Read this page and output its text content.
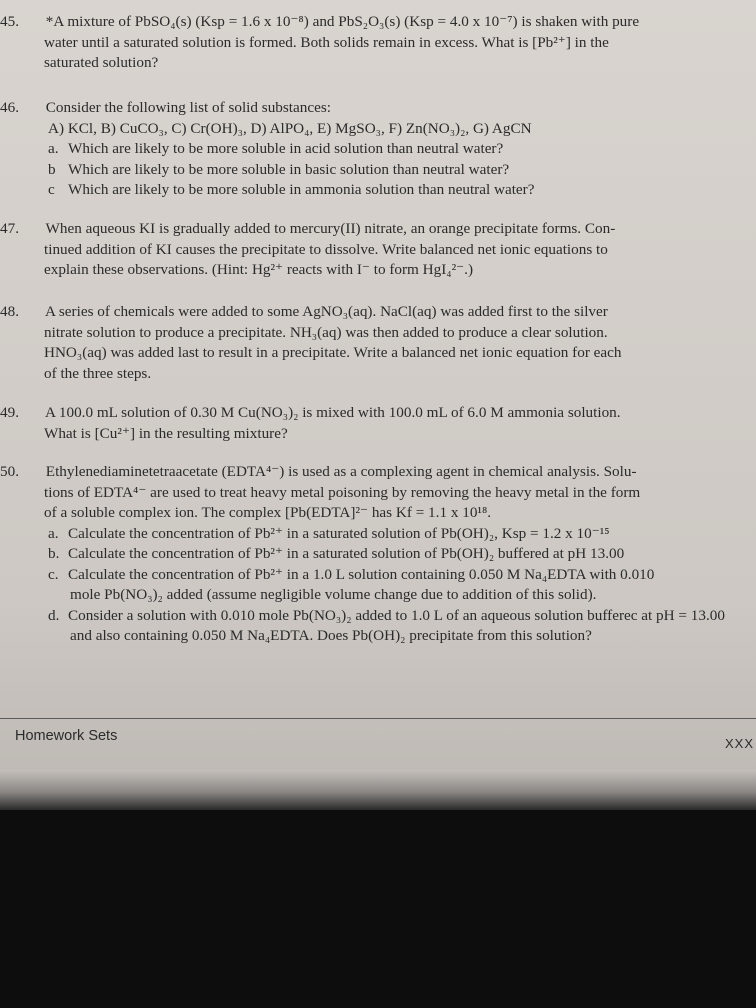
45. *A mixture of PbSO₄(s) (Ksp = 1.6 x 10⁻⁸) and PbS₂O₃(s) (Ksp = 4.0 x 10⁻⁷) is shaken with pure
water until a saturated solution is formed. Both solids remain in excess. What is [Pb²⁺] in the
saturated solution?
46. Consider the following list of solid substances:
A) KCl, B) CuCO₃, C) Cr(OH)₃, D) AlPO₄, E) MgSO₃, F) Zn(NO₃)₂, G) AgCN
a. Which are likely to be more soluble in acid solution than neutral water?
b Which are likely to be more soluble in basic solution than neutral water?
c Which are likely to be more soluble in ammonia solution than neutral water?
47. When aqueous KI is gradually added to mercury(II) nitrate, an orange precipitate forms. Con-
tinued addition of KI causes the precipitate to dissolve. Write balanced net ionic equations to
explain these observations. (Hint: Hg²⁺ reacts with I⁻ to form HgI₄²⁻.)
48. A series of chemicals were added to some AgNO₃(aq). NaCl(aq) was added first to the silver
nitrate solution to produce a precipitate. NH₃(aq) was then added to produce a clear solution.
HNO₃(aq) was added last to result in a precipitate. Write a balanced net ionic equation for each
of the three steps.
49. A 100.0 mL solution of 0.30 M Cu(NO₃)₂ is mixed with 100.0 mL of 6.0 M ammonia solution.
What is [Cu²⁺] in the resulting mixture?
50. Ethylenediaminetetraacetate (EDTA⁴⁻) is used as a complexing agent in chemical analysis. Solu-
tions of EDTA⁴⁻ are used to treat heavy metal poisoning by removing the heavy metal in the form
of a soluble complex ion. The complex [Pb(EDTA]²⁻ has Kf = 1.1 x 10¹⁸.
a. Calculate the concentration of Pb²⁺ in a saturated solution of Pb(OH)₂, Ksp = 1.2 x 10⁻¹⁵
b. Calculate the concentration of Pb²⁺ in a saturated solution of Pb(OH)₂ buffered at pH 13.00
c. Calculate the concentration of Pb²⁺ in a 1.0 L solution containing 0.050 M Na₄EDTA with 0.010 mole Pb(NO₃)₂ added (assume negligible volume change due to addition of this solid).
d. Consider a solution with 0.010 mole Pb(NO₃)₂ added to 1.0 L of an aqueous solution bufferec at pH = 13.00 and also containing 0.050 M Na₄EDTA. Does Pb(OH)₂ precipitate from this solution?
Homework Sets	XXX
